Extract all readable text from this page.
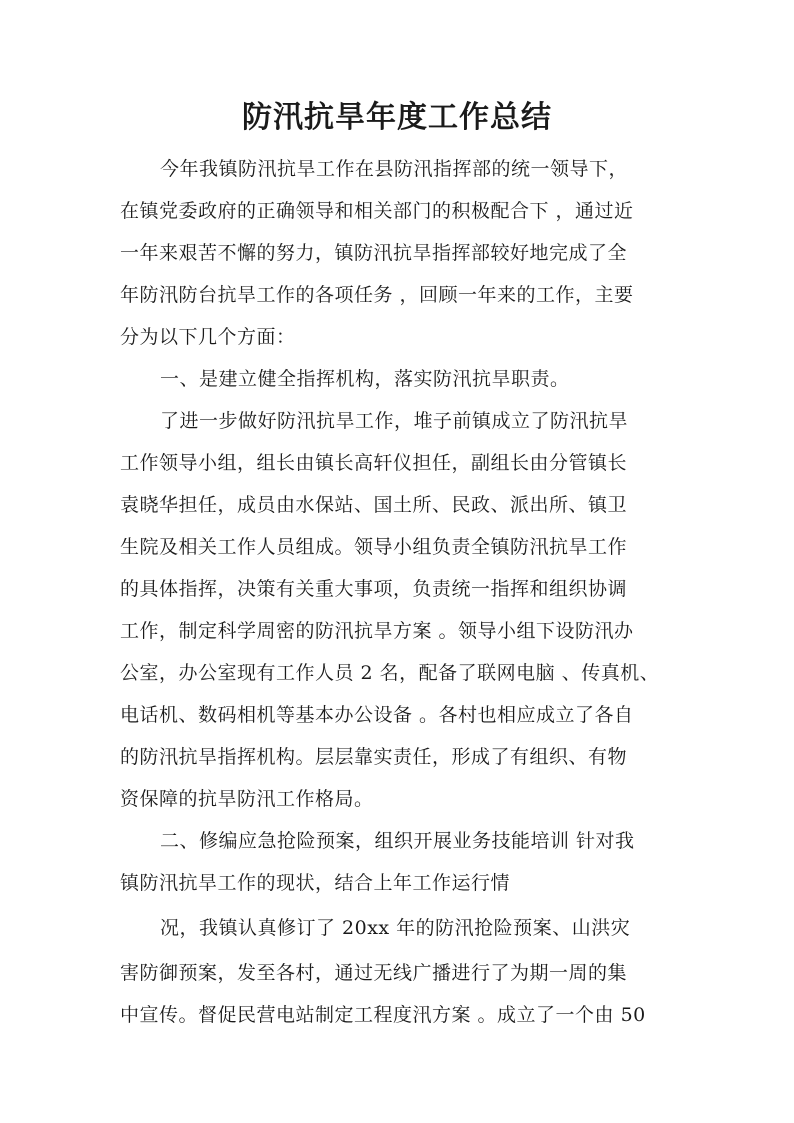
防汛抗旱年度工作总结
今年我镇防汛抗旱工作在县防汛指挥部的统一领导下，
在镇党委政府的正确领导和相关部门的积极配合下 ，通过近
一年来艰苦不懈的努力，镇防汛抗旱指挥部较好地完成了全
年防汛防台抗旱工作的各项任务 ，回顾一年来的工作，主要
分为以下几个方面：
一、是建立健全指挥机构，落实防汛抗旱职责。
了进一步做好防汛抗旱工作，堆子前镇成立了防汛抗旱
工作领导小组，组长由镇长高轩仪担任，副组长由分管镇长
袁晓华担任，成员由水保站、国土所、民政、派出所、镇卫
生院及相关工作人员组成。领导小组负责全镇防汛抗旱工作
的具体指挥，决策有关重大事项，负责统一指挥和组织协调
工作，制定科学周密的防汛抗旱方案 。领导小组下设防汛办
公室，办公室现有工作人员 2 名，配备了联网电脑 、传真机、
电话机、数码相机等基本办公设备 。各村也相应成立了各自
的防汛抗旱指挥机构。层层靠实责任，形成了有组织、有物
资保障的抗旱防汛工作格局。
二、修编应急抢险预案，组织开展业务技能培训 针对我
镇防汛抗旱工作的现状，结合上年工作运行情
况，我镇认真修订了 20xx 年的防汛抢险预案、山洪灾
害防御预案，发至各村，通过无线广播进行了为期一周的集
中宣传。督促民营电站制定工程度汛方案 。成立了一个由 50
